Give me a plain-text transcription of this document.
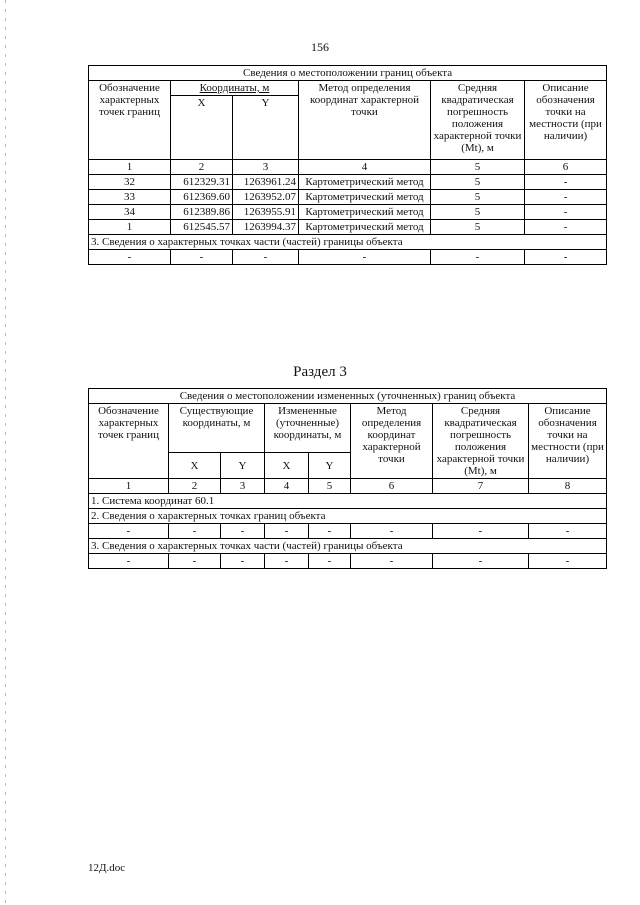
156
Сведения о местоположении границ объекта					
Обозначение характерных точек границ	Координаты, м		Метод определения координат характерной точки	Средняя квадратическая погрешность положения характерной точки (Mt), м	Описание обозначения точки на местности (при наличии)
	X	Y			
1	2	3	4	5	6
32	612329.31	1263961.24	Картометрический метод	5	-
33	612369.60	1263952.07	Картометрический метод	5	-
34	612389.86	1263955.91	Картометрический метод	5	-
1	612545.57	1263994.37	Картометрический метод	5	-
3. Сведения о характерных точках части (частей) границы объекта					
-	-	-	-	-	-
Раздел 3
Сведения о местоположении измененных (уточненных) границ объекта							
Обозначение характерных точек границ	Существующие координаты, м		Измененные (уточненные) координаты, м		Метод определения координат характерной точки	Средняя квадратическая погрешность положения характерной точки (Mt), м	Описание обозначения точки на местности (при наличии)
	X	Y	X	Y			
1	2	3	4	5	6	7	8
1. Система координат 60.1							
2. Сведения о характерных точках границ объекта							
-	-	-	-	-	-	-	-
3. Сведения о характерных точках части (частей) границы объекта							
-	-	-	-	-	-	-	-
12Д.doc
